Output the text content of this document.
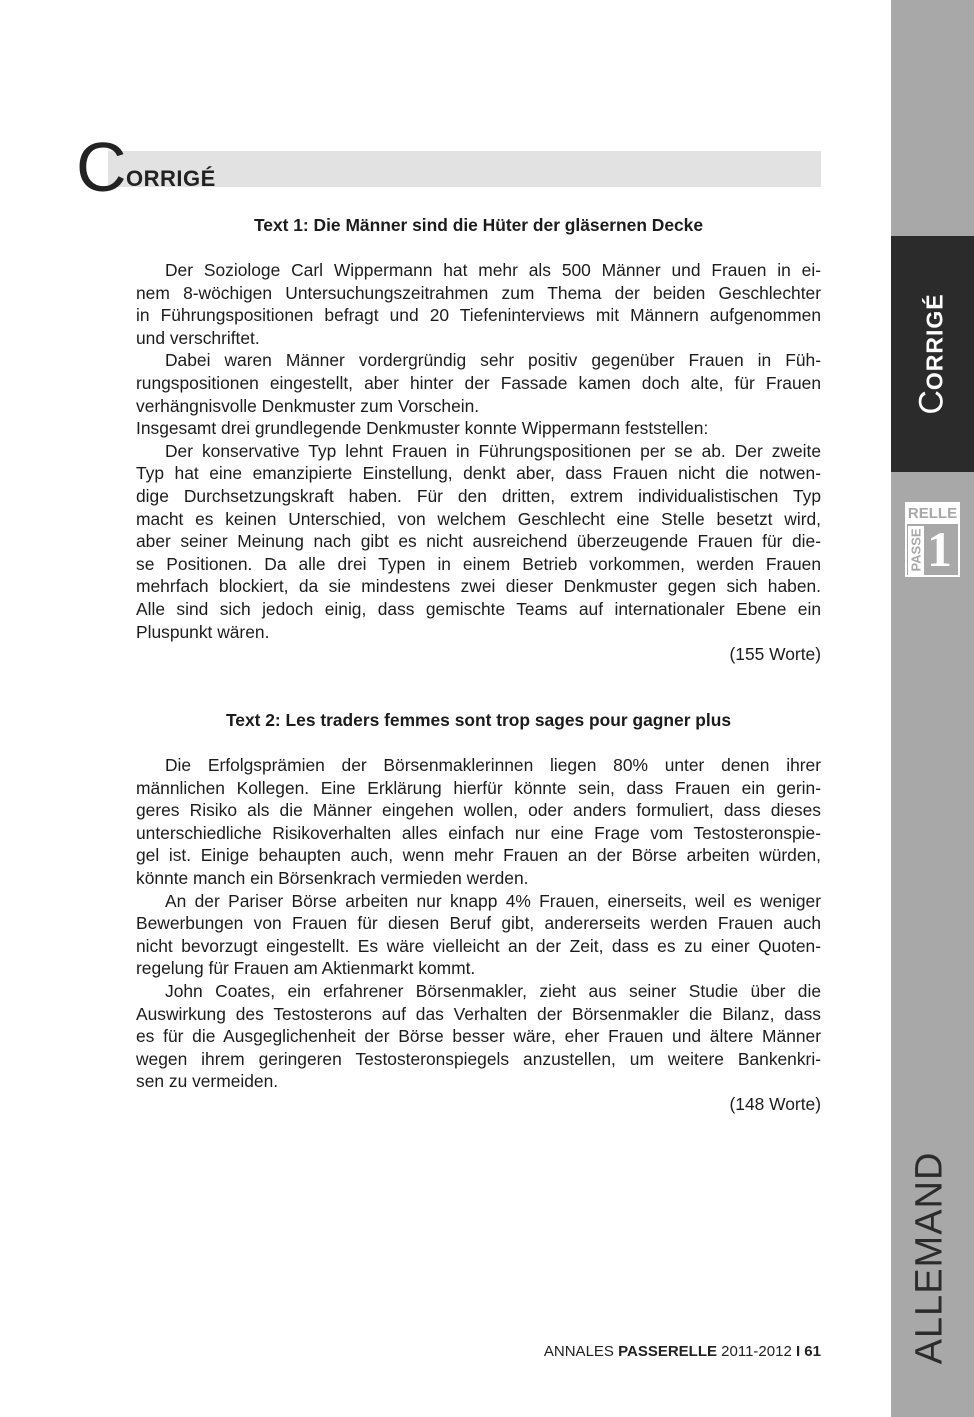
CORRIGÉ
RELLE
PASSE 1
ALLEMAND
C ORRIGÉ
Text 1: Die Männer sind die Hüter der gläsernen Decke
Der Soziologe Carl Wippermann hat mehr als 500 Männer und Frauen in ei-
nem 8-wöchigen Untersuchungszeitrahmen zum Thema der beiden Geschlechter
in Führungspositionen befragt und 20 Tiefeninterviews mit Männern aufgenommen
und verschriftet.
Dabei waren Männer vordergründig sehr positiv gegenüber Frauen in Füh-
rungspositionen eingestellt, aber hinter der Fassade kamen doch alte, für Frauen
verhängnisvolle Denkmuster zum Vorschein.
Insgesamt drei grundlegende Denkmuster konnte Wippermann feststellen:
Der konservative Typ lehnt Frauen in Führungspositionen per se ab. Der zweite
Typ hat eine emanzipierte Einstellung, denkt aber, dass Frauen nicht die notwen-
dige Durchsetzungskraft haben. Für den dritten, extrem individualistischen Typ
macht es keinen Unterschied, von welchem Geschlecht eine Stelle besetzt wird,
aber seiner Meinung nach gibt es nicht ausreichend überzeugende Frauen für die-
se Positionen. Da alle drei Typen in einem Betrieb vorkommen, werden Frauen
mehrfach blockiert, da sie mindestens zwei dieser Denkmuster gegen sich haben.
Alle sind sich jedoch einig, dass gemischte Teams auf internationaler Ebene ein
Pluspunkt wären.
(155 Worte)
Text 2: Les traders femmes sont trop sages pour gagner plus
Die Erfolgsprämien der Börsenmaklerinnen liegen 80% unter denen ihrer
männlichen Kollegen. Eine Erklärung hierfür könnte sein, dass Frauen ein gerin-
geres Risiko als die Männer eingehen wollen, oder anders formuliert, dass dieses
unterschiedliche Risikoverhalten alles einfach nur eine Frage vom Testosteronspie-
gel ist. Einige behaupten auch, wenn mehr Frauen an der Börse arbeiten würden,
könnte manch ein Börsenkrach vermieden werden.
An der Pariser Börse arbeiten nur knapp 4% Frauen, einerseits, weil es weniger
Bewerbungen von Frauen für diesen Beruf gibt, andererseits werden Frauen auch
nicht bevorzugt eingestellt. Es wäre vielleicht an der Zeit, dass es zu einer Quoten-
regelung für Frauen am Aktienmarkt kommt.
John Coates, ein erfahrener Börsenmakler, zieht aus seiner Studie über die
Auswirkung des Testosterons auf das Verhalten der Börsenmakler die Bilanz, dass
es für die Ausgeglichenheit der Börse besser wäre, eher Frauen und ältere Männer
wegen ihrem geringeren Testosteronspiegels anzustellen, um weitere Bankenkri-
sen zu vermeiden.
(148 Worte)
ANNALES PASSERELLE 2011-2012 I 61
